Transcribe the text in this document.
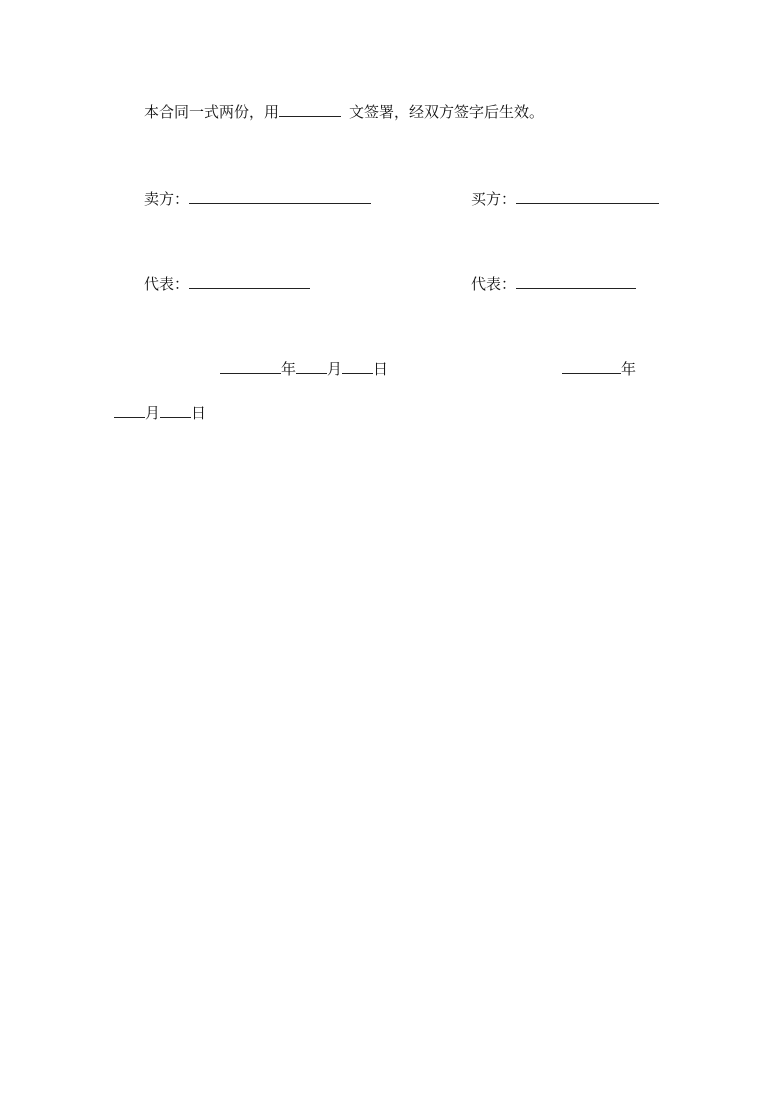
本合同一式两份，用	文签署，经双方签字后生效。
卖方：	买方：
代表：	代表：
年 月 日	年
月 日
